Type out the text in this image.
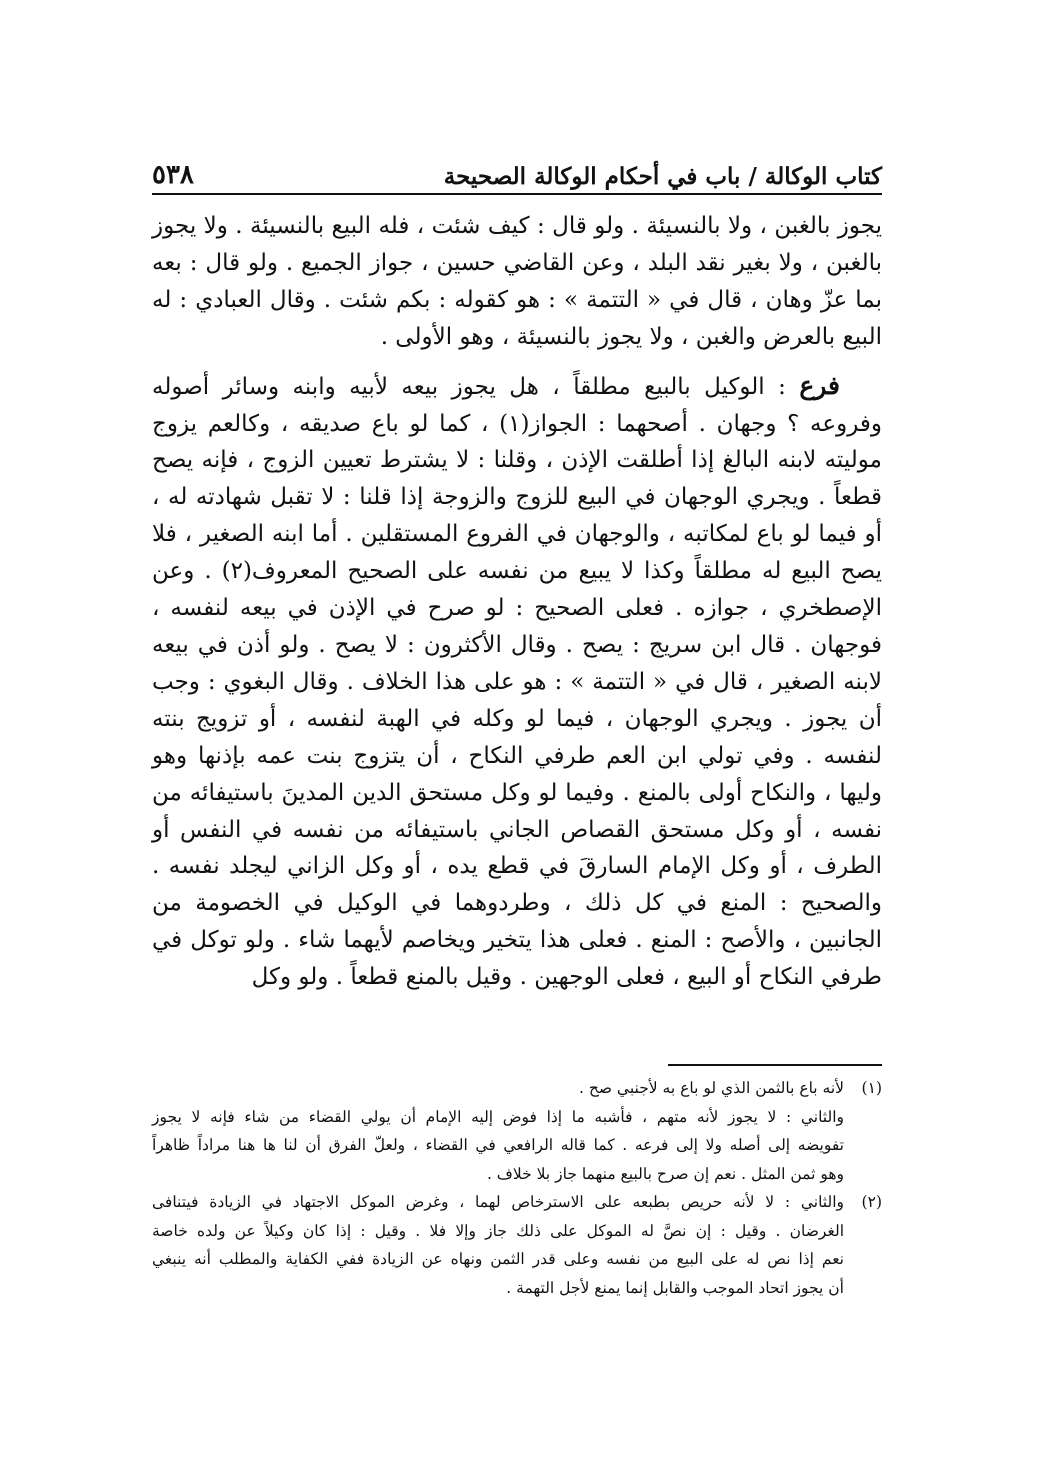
كتاب الوكالة / باب في أحكام الوكالة الصحيحة
٥٣٨

يجوز بالغبن ، ولا بالنسيئة . ولو قال : كيف شئت ، فله البيع بالنسيئة . ولا يجوز بالغبن ، ولا بغير نقد البلد ، وعن القاضي حسين ، جواز الجميع . ولو قال : بعه بما عزّ وهان ، قال في « التتمة » : هو كقوله : بكم شئت . وقال العبادي : له البيع بالعرض والغبن ، ولا يجوز بالنسيئة ، وهو الأولى .

فرع : الوكيل بالبيع مطلقاً ، هل يجوز بيعه لأبيه وابنه وسائر أصوله وفروعه ؟ وجهان . أصحهما : الجواز(١) ، كما لو باع صديقه ، وكالعم يزوج موليته لابنه البالغ إذا أطلقت الإذن ، وقلنا : لا يشترط تعيين الزوج ، فإنه يصح قطعاً . ويجري الوجهان في البيع للزوج والزوجة إذا قلنا : لا تقبل شهادته له ، أو فيما لو باع لمكاتبه ، والوجهان في الفروع المستقلين . أما ابنه الصغير ، فلا يصح البيع له مطلقاً وكذا لا يبيع من نفسه على الصحيح المعروف(٢) . وعن الإصطخري ، جوازه . فعلى الصحيح : لو صرح في الإذن في بيعه لنفسه ، فوجهان . قال ابن سريج : يصح . وقال الأكثرون : لا يصح . ولو أذن في بيعه لابنه الصغير ، قال في « التتمة » : هو على هذا الخلاف . وقال البغوي : وجب أن يجوز . ويجري الوجهان ، فيما لو وكله في الهبة لنفسه ، أو تزويج بنته لنفسه . وفي تولي ابن العم طرفي النكاح ، أن يتزوج بنت عمه بإذنها وهو وليها ، والنكاح أولى بالمنع . وفيما لو وكل مستحق الدين المدينَ باستيفائه من نفسه ، أو وكل مستحق القصاص الجاني باستيفائه من نفسه في النفس أو الطرف ، أو وكل الإمام السارقَ في قطع يده ، أو وكل الزاني ليجلد نفسه . والصحيح : المنع في كل ذلك ، وطردوهما في الوكيل في الخصومة من الجانبين ، والأصح : المنع . فعلى هذا يتخير ويخاصم لأيهما شاء . ولو توكل في طرفي النكاح أو البيع ، فعلى الوجهين . وقيل بالمنع قطعاً . ولو وكل

(١)
لأنه باع بالثمن الذي لو باع به لأجنبي صح .
والثاني : لا يجوز لأنه متهم ، فأشبه ما إذا فوض إليه الإمام أن يولي القضاء من شاء فإنه لا يجوز
تفويضه إلى أصله ولا إلى فرعه . كما قاله الرافعي في القضاء ، ولعلّ الفرق أن لنا ها هنا مراداً ظاهراً
وهو ثمن المثل . نعم إن صرح بالبيع منهما جاز بلا خلاف .
(٢)
والثاني : لا لأنه حريص بطبعه على الاسترخاص لهما ، وغرض الموكل الاجتهاد في الزيادة فيتنافى
الغرضان . وقيل : إن نصَّ له الموكل على ذلك جاز وإلا فلا . وقيل : إذا كان وكيلاً عن ولده خاصة
نعم إذا نص له على البيع من نفسه وعلى قدر الثمن ونهاه عن الزيادة ففي الكفاية والمطلب أنه ينبغي
أن يجوز اتحاد الموجب والقابل إنما يمنع لأجل التهمة .
